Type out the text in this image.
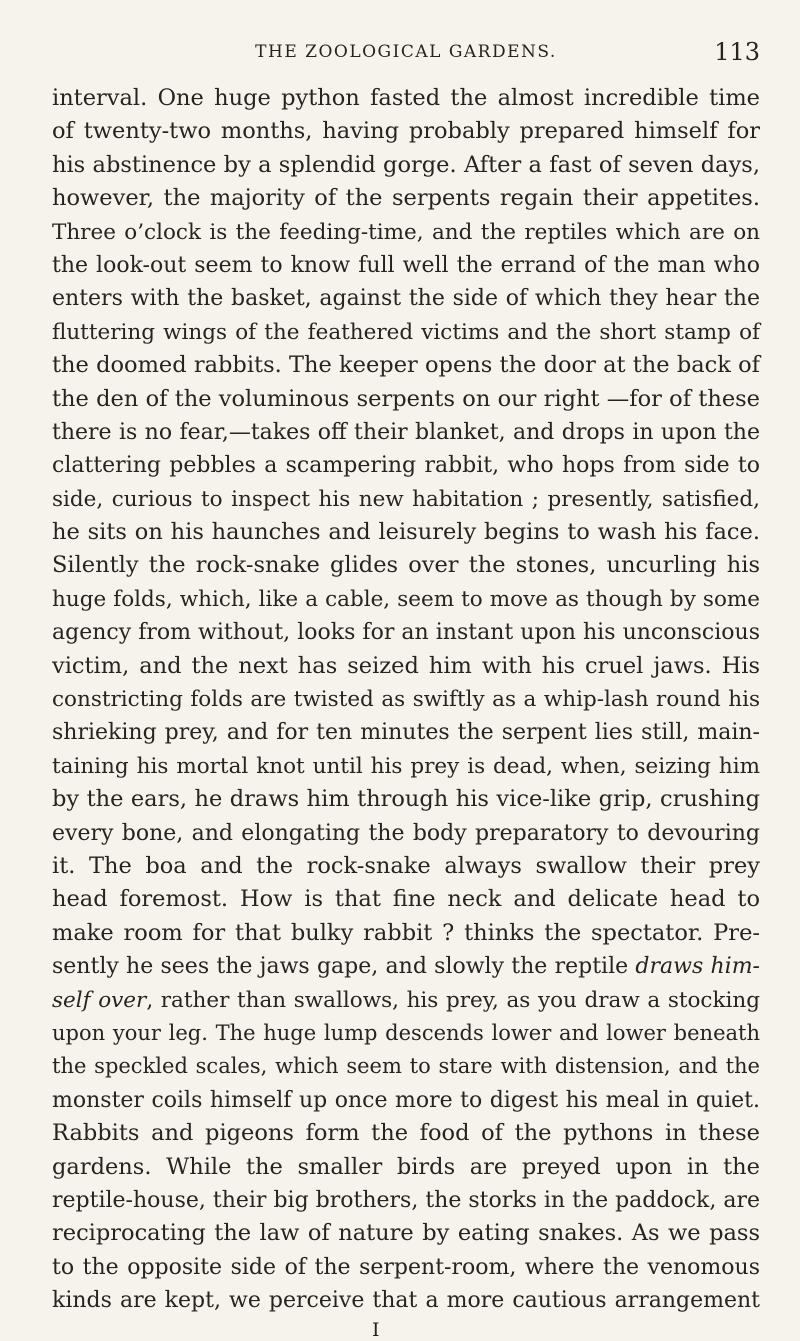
THE ZOOLOGICAL GARDENS.	113
interval. One huge python fasted the almost incredible time
of twenty-two months, having probably prepared himself for
his abstinence by a splendid gorge. After a fast of seven days,
however, the majority of the serpents regain their appetites.
Three o’clock is the feeding-time, and the reptiles which are on
the look-out seem to know full well the errand of the man who
enters with the basket, against the side of which they hear the
fluttering wings of the feathered victims and the short stamp of
the doomed rabbits. The keeper opens the door at the back of
the den of the voluminous serpents on our right —for of these
there is no fear,—takes off their blanket, and drops in upon the
clattering pebbles a scampering rabbit, who hops from side to
side, curious to inspect his new habitation ; presently, satisfied,
he sits on his haunches and leisurely begins to wash his face.
Silently the rock-snake glides over the stones, uncurling his
huge folds, which, like a cable, seem to move as though by some
agency from without, looks for an instant upon his unconscious
victim, and the next has seized him with his cruel jaws. His
constricting folds are twisted as swiftly as a whip-lash round his
shrieking prey, and for ten minutes the serpent lies still, main-
taining his mortal knot until his prey is dead, when, seizing him
by the ears, he draws him through his vice-like grip, crushing
every bone, and elongating the body preparatory to devouring
it. The boa and the rock-snake always swallow their prey
head foremost. How is that fine neck and delicate head to
make room for that bulky rabbit ? thinks the spectator. Pre-
sently he sees the jaws gape, and slowly the reptile draws him-
self over, rather than swallows, his prey, as you draw a stocking
upon your leg. The huge lump descends lower and lower beneath
the speckled scales, which seem to stare with distension, and the
monster coils himself up once more to digest his meal in quiet.
Rabbits and pigeons form the food of the pythons in these
gardens. While the smaller birds are preyed upon in the
reptile-house, their big brothers, the storks in the paddock, are
reciprocating the law of nature by eating snakes. As we pass
to the opposite side of the serpent-room, where the venomous
kinds are kept, we perceive that a more cautious arrangement
I
